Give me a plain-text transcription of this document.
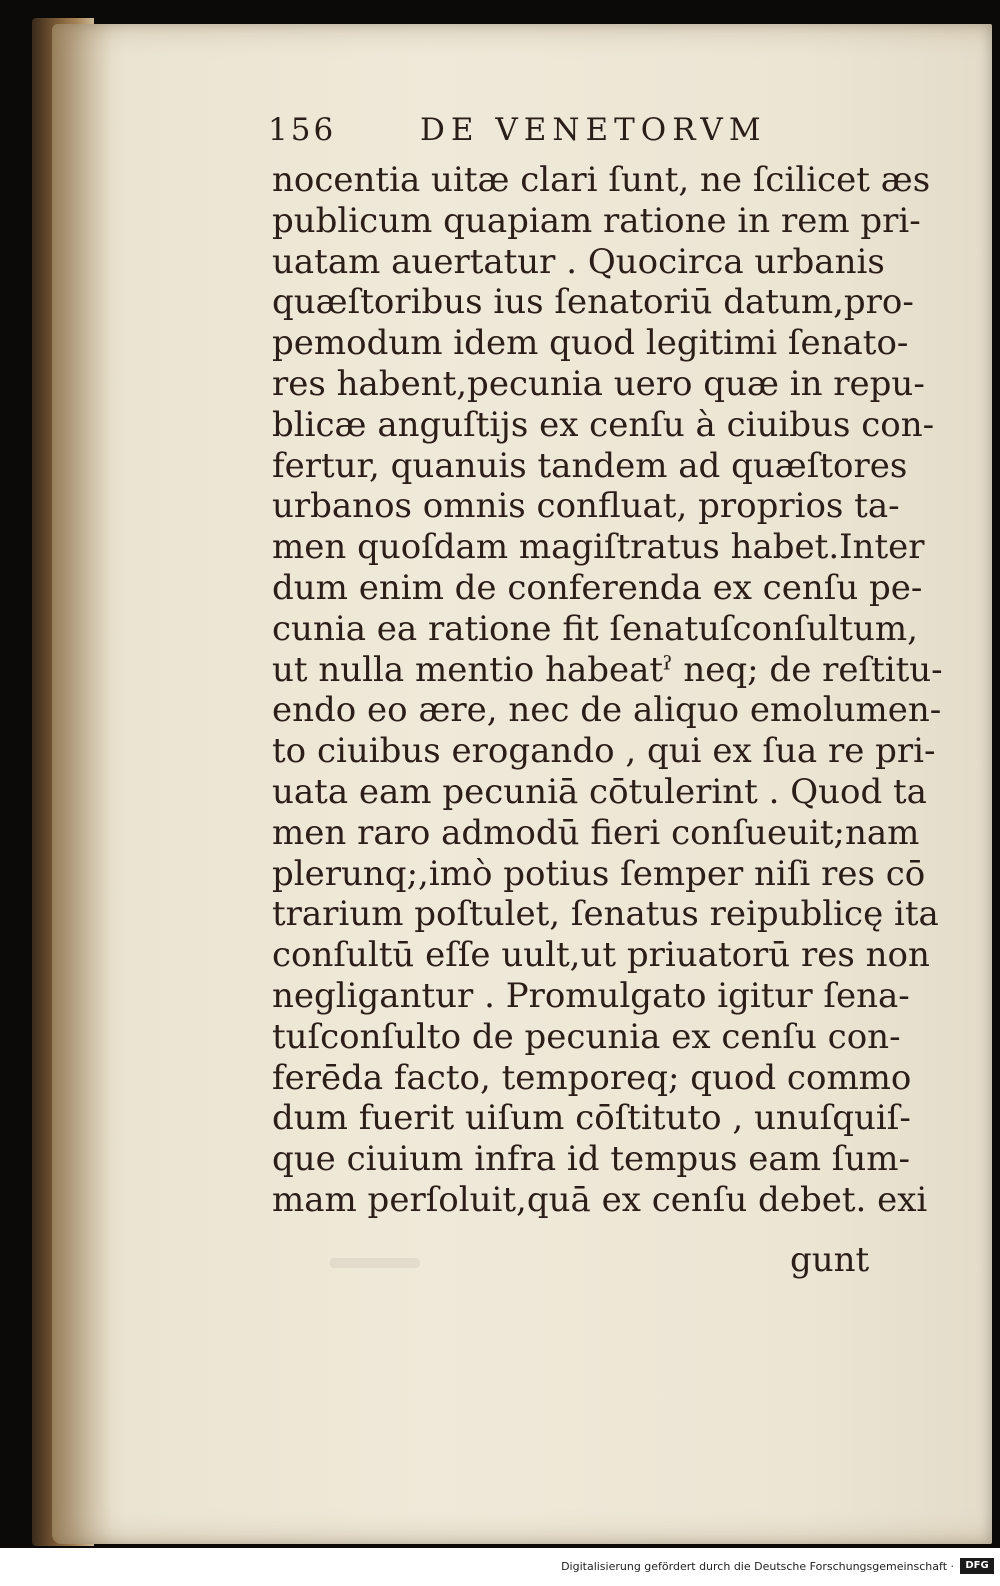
156	DE VENETORVM
nocentia uitæ clari ſunt, ne ſcilicet æs
publicum quapiam ratione in rem pri-
uatam auertatur . Quocirca urbanis
quæſtoribus ius ſenatoriū datum,pro-
pemodum idem quod legitimi ſenato-
res habent,pecunia uero quæ in repu-
blicæ anguſtijs ex cenſu à ciuibus con-
fertur, quanuis tandem ad quæſtores
urbanos omnis confluat, proprios ta-
men quoſdam magiſtratus habet.Inter
dum enim de conferenda ex cenſu pe-
cunia ea ratione fit ſenatuſconſultum,
ut nulla mentio habeatˀ neq; de reſtitu-
endo eo ære, nec de aliquo emolumen-
to ciuibus erogando , qui ex ſua re pri-
uata eam pecuniā cōtulerint . Quod ta
men raro admodū fieri conſueuit;nam
plerunq;,imò potius ſemper niſi res cō
trarium poſtulet, ſenatus reipublicę ita
conſultū eſſe uult,ut priuatorū res non
negligantur . Promulgato igitur ſena-
tuſconſulto de pecunia ex cenſu con-
ferēda facto, temporeq; quod commo
dum fuerit uiſum cōſtituto , unuſquiſ-
que ciuium infra id tempus eam ſum-
mam perſoluit,quā ex cenſu debet. exi
gunt
Digitalisierung gefördert durch die Deutsche Forschungsgemeinschaft ·	DFG
